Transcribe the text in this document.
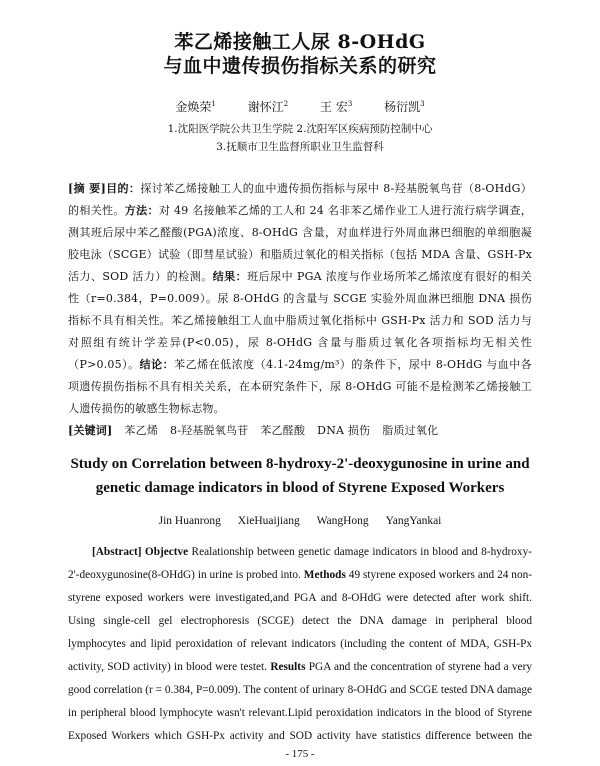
苯乙烯接触工人尿 8-OHdG
与血中遗传损伤指标关系的研究
金焕荣$^1$	谢怀江$^2$	王 宏$^3$	杨衍凯$^3$
1.沈阳医学院公共卫生学院 2.沈阳军区疾病预防控制中心
3.抚顺市卫生监督所职业卫生监督科
[摘 要]目的：探讨苯乙烯接触工人的血中遗传损伤指标与尿中 8-羟基脱氧鸟苷（8-OHdG）的相关性。方法：对 49 名接触苯乙烯的工人和 24 名非苯乙烯作业工人进行流行病学调查，测其班后尿中苯乙醛酸(PGA)浓度、8-OHdG 含量，对血样进行外周血淋巴细胞的单细胞凝胶电泳（SCGE）试验（即彗星试验）和脂质过氧化的相关指标（包括 MDA 含量、GSH-Px 活力、SOD 活力）的检测。结果：班后尿中 PGA 浓度与作业场所苯乙烯浓度有很好的相关性（r=0.384，P=0.009）。尿 8-OHdG 的含量与 SCGE 实验外周血淋巴细胞 DNA 损伤指标不具有相关性。苯乙烯接触组工人血中脂质过氧化指标中 GSH-Px 活力和 SOD 活力与对照组有统计学差异(P<0.05)，尿 8-OHdG 含量与脂质过氧化各项指标均无相关性（P>0.05）。结论：苯乙烯在低浓度（4.1-24mg/m³）的条件下，尿中 8-OHdG 与血中各项遗传损伤指标不具有相关关系，在本研究条件下，尿 8-OHdG 可能不是检测苯乙烯接触工人遗传损伤的敏感生物标志物。
[关键词] 苯乙烯 8-羟基脱氧鸟苷 苯乙醛酸 DNA 损伤 脂质过氧化
Study on Correlation between 8-hydroxy-2'-deoxygunosine in urine and
genetic damage indicators in blood of Styrene Exposed Workers
Jin Huanrong XieHuaijiang WangHong YangYankai
[Abstract] Objectve Realationship between genetic damage indicators in blood and 8-hydroxy-2'-deoxygunosine(8-OHdG) in urine is probed into. Methods 49 styrene exposed workers and 24 non-styrene exposed workers were investigated,and PGA and 8-OHdG were detected after work shift. Using single-cell gel electrophoresis (SCGE) detect the DNA damage in peripheral blood lymphocytes and lipid peroxidation of relevant indicators (including the content of MDA, GSH-Px activity, SOD activity) in blood were testet. Results PGA and the concentration of styrene had a very good correlation (r = 0.384, P=0.009). The content of urinary 8-OHdG and SCGE tested DNA damage in peripheral blood lymphocyte wasn't relevant.Lipid peroxidation indicators in the blood of Styrene Exposed Workers which GSH-Px activity and SOD activity have statistics difference between the
- 175 -
